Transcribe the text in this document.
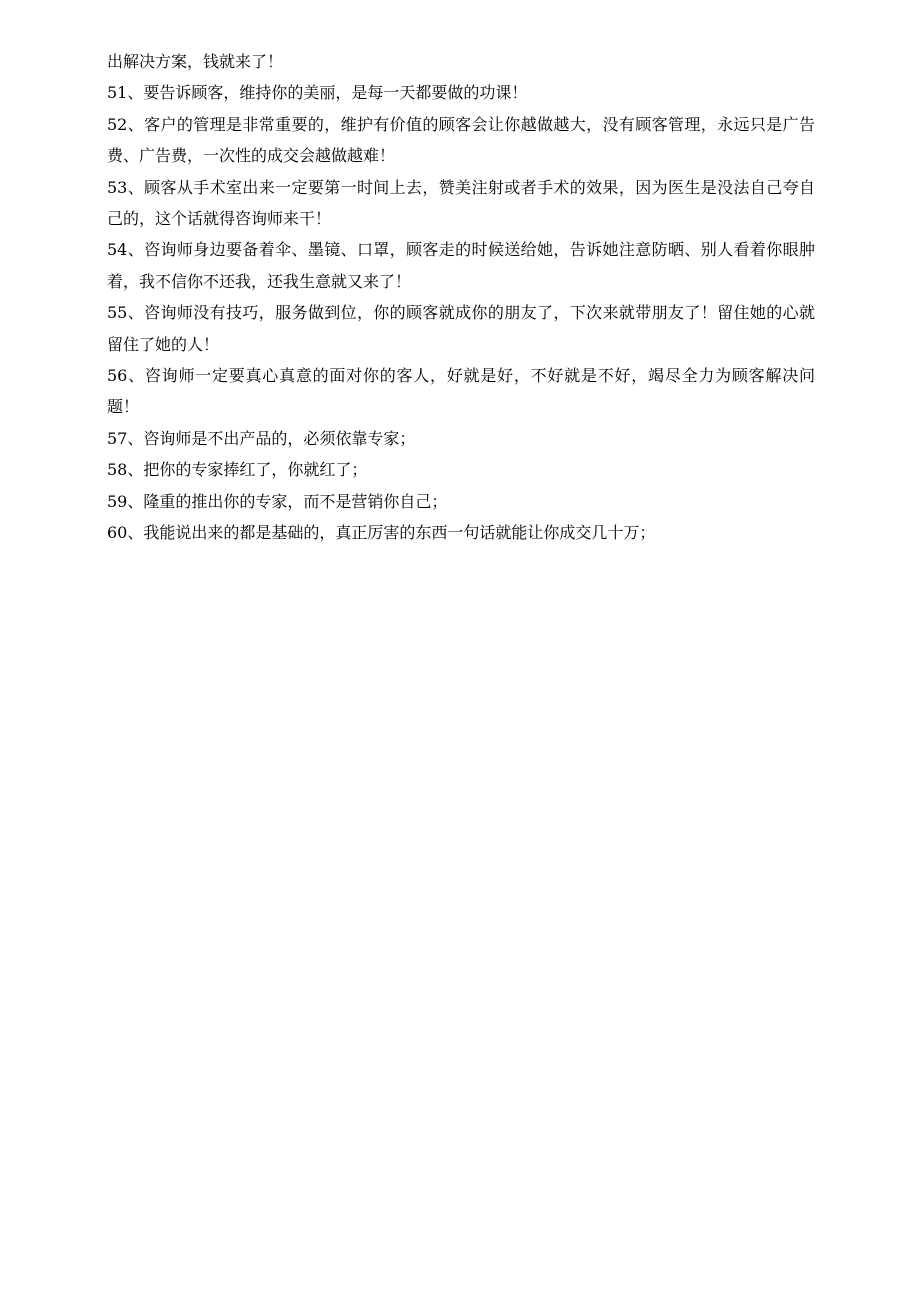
出解决方案，钱就来了！

51、要告诉顾客，维持你的美丽，是每一天都要做的功课！

52、客户的管理是非常重要的，维护有价值的顾客会让你越做越大，没有顾客管理，永远只是广告费、广告费，一次性的成交会越做越难！

53、顾客从手术室出来一定要第一时间上去，赞美注射或者手术的效果，因为医生是没法自己夸自己的，这个话就得咨询师来干！

54、咨询师身边要备着伞、墨镜、口罩，顾客走的时候送给她，告诉她注意防晒、别人看着你眼肿着，我不信你不还我，还我生意就又来了！

55、咨询师没有技巧，服务做到位，你的顾客就成你的朋友了，下次来就带朋友了！留住她的心就留住了她的人！

56、咨询师一定要真心真意的面对你的客人，好就是好，不好就是不好，竭尽全力为顾客解决问题！

57、咨询师是不出产品的，必须依靠专家；

58、把你的专家捧红了，你就红了；

59、隆重的推出你的专家，而不是营销你自己；

60、我能说出来的都是基础的，真正厉害的东西一句话就能让你成交几十万；
